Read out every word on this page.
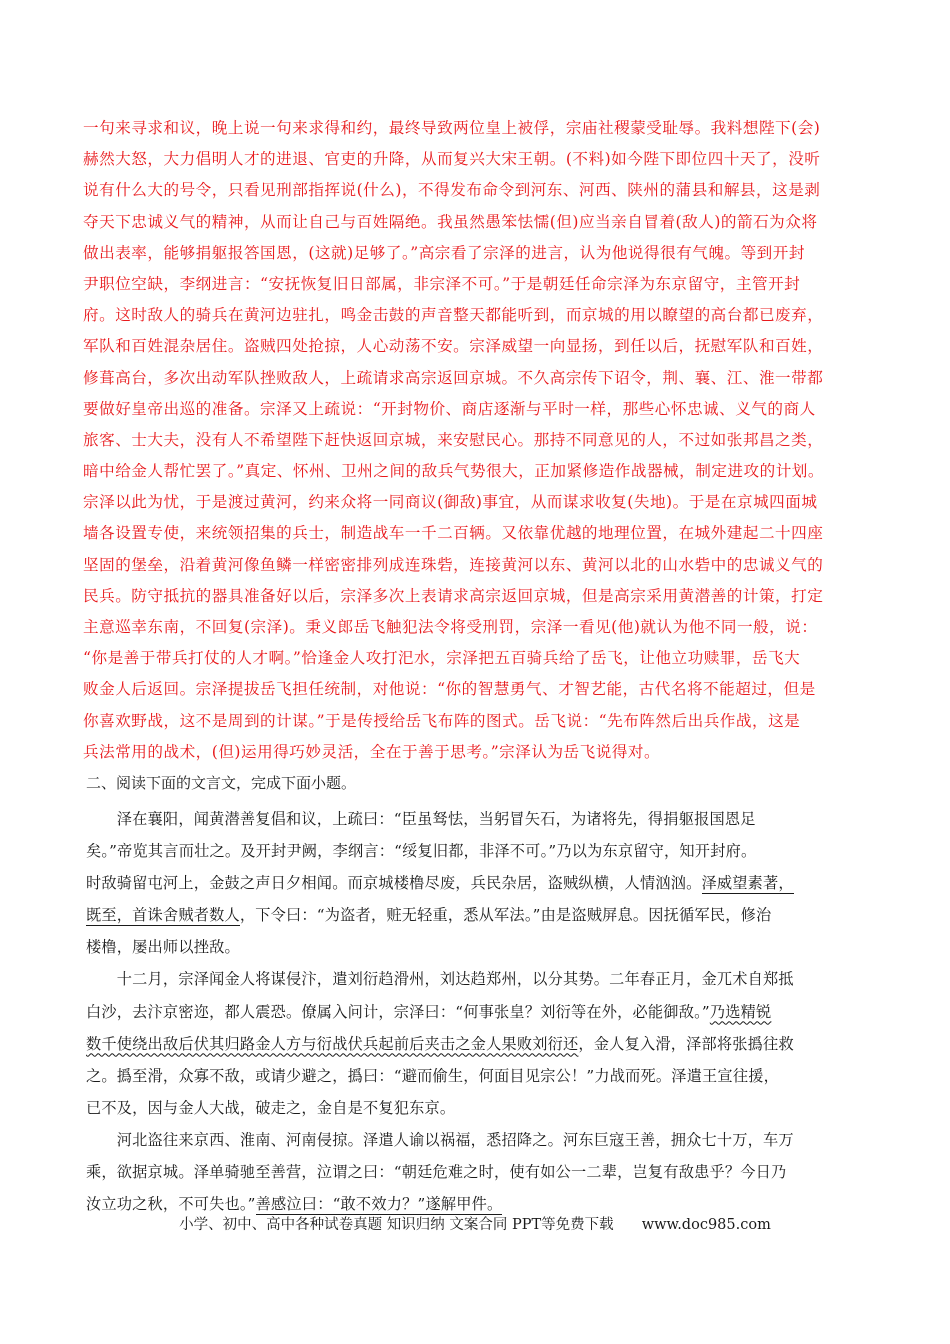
一句来寻求和议，晚上说一句来求得和约，最终导致两位皇上被俘，宗庙社稷蒙受耻辱。我料想陛下(会)
赫然大怒，大力倡明人才的进退、官吏的升降，从而复兴大宋王朝。(不料)如今陛下即位四十天了，没听
说有什么大的号令，只看见刑部指挥说(什么)，不得发布命令到河东、河西、陕州的蒲县和解县，这是剥
夺天下忠诚义气的精神，从而让自己与百姓隔绝。我虽然愚笨怯懦(但)应当亲自冒着(敌人)的箭石为众将
做出表率，能够捐躯报答国恩，(这就)足够了。”高宗看了宗泽的进言，认为他说得很有气魄。等到开封
尹职位空缺，李纲进言：“安抚恢复旧日部属，非宗泽不可。”于是朝廷任命宗泽为东京留守，主管开封
府。这时敌人的骑兵在黄河边驻扎，鸣金击鼓的声音整天都能听到，而京城的用以瞭望的高台都已废弃，
军队和百姓混杂居住。盗贼四处抢掠，人心动荡不安。宗泽威望一向显扬，到任以后，抚慰军队和百姓，
修葺高台，多次出动军队挫败敌人，上疏请求高宗返回京城。不久高宗传下诏令，荆、襄、江、淮一带都
要做好皇帝出巡的准备。宗泽又上疏说：“开封物价、商店逐渐与平时一样，那些心怀忠诚、义气的商人
旅客、士大夫，没有人不希望陛下赶快返回京城，来安慰民心。那持不同意见的人，不过如张邦昌之类，
暗中给金人帮忙罢了。”真定、怀州、卫州之间的敌兵气势很大，正加紧修造作战器械，制定进攻的计划。
宗泽以此为忧，于是渡过黄河，约来众将一同商议(御敌)事宜，从而谋求收复(失地)。于是在京城四面城
墙各设置专使，来统领招集的兵士，制造战车一千二百辆。又依靠优越的地理位置，在城外建起二十四座
坚固的堡垒，沿着黄河像鱼鳞一样密密排列成连珠砦，连接黄河以东、黄河以北的山水砦中的忠诚义气的
民兵。防守抵抗的器具准备好以后，宗泽多次上表请求高宗返回京城，但是高宗采用黄潜善的计策，打定
主意巡幸东南，不回复(宗泽)。秉义郎岳飞触犯法令将受刑罚，宗泽一看见(他)就认为他不同一般，说：
“你是善于带兵打仗的人才啊。”恰逢金人攻打汜水，宗泽把五百骑兵给了岳飞，让他立功赎罪，岳飞大
败金人后返回。宗泽提拔岳飞担任统制，对他说：“你的智慧勇气、才智艺能，古代名将不能超过，但是
你喜欢野战，这不是周到的计谋。”于是传授给岳飞布阵的图式。岳飞说：“先布阵然后出兵作战，这是
兵法常用的战术，(但)运用得巧妙灵活，全在于善于思考。”宗泽认为岳飞说得对。
二、阅读下面的文言文，完成下面小题。
　　泽在襄阳，闻黄潜善复倡和议，上疏曰：“臣虽驽怯，当躬冒矢石，为诸将先，得捐躯报国恩足
矣。”帝览其言而壮之。及开封尹阙，李纲言：“绥复旧都，非泽不可。”乃以为东京留守，知开封府。
时敌骑留屯河上，金鼓之声日夕相闻。而京城楼橹尽废，兵民杂居，盗贼纵横，人情汹汹。泽威望素著，
既至，首诛舍贼者数人，下令曰：“为盗者，赃无轻重，悉从军法。”由是盗贼屏息。因抚循军民，修治
楼橹，屡出师以挫敌。
　　十二月，宗泽闻金人将谋侵汴，遣刘衍趋滑州，刘达趋郑州，以分其势。二年春正月，金兀术自郑抵
白沙，去汴京密迩，都人震恐。僚属入问计，宗泽曰：“何事张皇？刘衍等在外，必能御敌。”乃选精锐
数千使绕出敌后伏其归路金人方与衍战伏兵起前后夹击之金人果败刘衍还，金人复入滑，泽部将张撝往救
之。撝至滑，众寡不敌，或请少避之，撝曰：“避而偷生，何面目见宗公！”力战而死。泽遣王宣往援，
已不及，因与金人大战，破走之，金自是不复犯东京。
　　河北盗往来京西、淮南、河南侵掠。泽遣人谕以祸福，悉招降之。河东巨寇王善，拥众七十万，车万
乘，欲据京城。泽单骑驰至善营，泣谓之曰：“朝廷危难之时，使有如公一二辈，岂复有敌患乎？今日乃
汝立功之秋，不可失也。”善感泣曰：“敢不效力？”遂解甲件。
小学、初中、高中各种试卷真题 知识归纳 文案合同 PPT等免费下载 www.doc985.com
